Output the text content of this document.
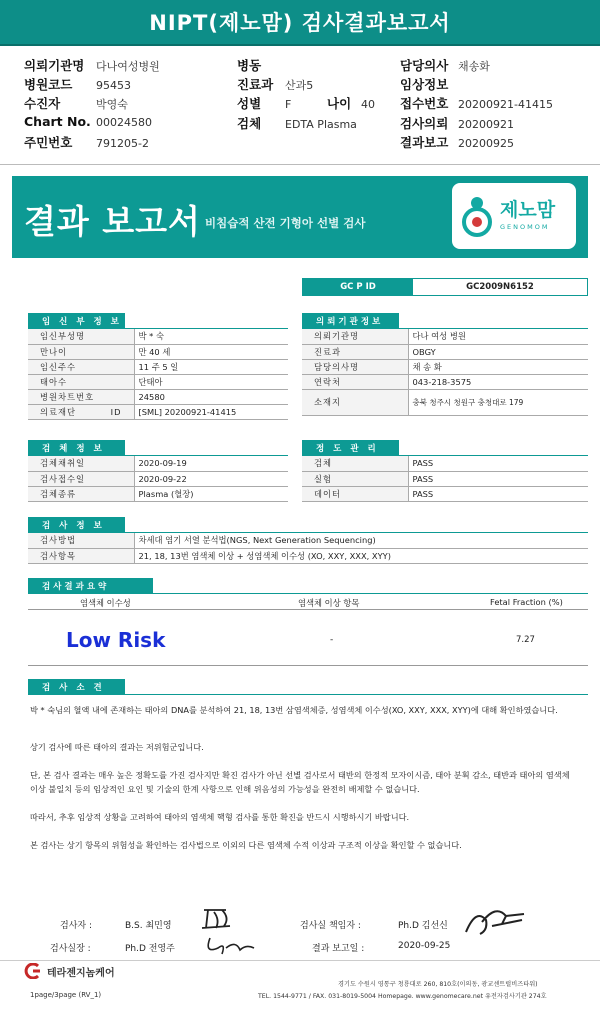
NIPT(제노맘) 검사결과보고서
의뢰기관명 다나여성병원
병원코드 95453
수진자	박영숙
Chart No. 00024580
주민번호 791205-2
병동
진료과 산과5
성별 F	나이 40
검체 EDTA Plasma
담당의사 채송화
임상정보
접수번호 20200921-41415
검사의뢰 20200921
결과보고 20200925
결과 보고서 비침습적 산전 기형아 선별 검사
제노맘
GENOMOM
GC P ID	GC2009N6152
임 신 부 정 보
임신부성명	박 * 숙
만나이	만 40 세
임신주수	11 주 5 일
태아수	단태아
병원차트번호	24580
의료재단 ID	[SML] 20200921-41415
의뢰기관정보
의뢰기관명	다나 여성 병원
진료과	OBGY
담당의사명	채 송 화
연락처	043-218-3575
소재지	충북 청주시 청원구 충청대로 179
검 체 정 보
검체채취일	2020-09-19
검사접수일	2020-09-22
검체종류	Plasma (혈장)
정 도 관 리
검체	PASS
실험	PASS
데이터	PASS
검 사 정 보
검사방법	차세대 염기 서열 분석법(NGS, Next Generation Sequencing)
검사항목	21, 18, 13번 염색체 이상 + 성염색체 이수성 (XO, XXY, XXX, XYY)
검사결과요약
염색체 이수성	염색체 이상 항목	Fetal Fraction (%)
Low Risk	-	7.27
검 사 소 견
박 * 숙님의 혈액 내에 존재하는 태아의 DNA를 분석하여 21, 18, 13번 삼염색체증, 성염색체 이수성(XO, XXY, XXX, XYY)에 대해 확인하였습니다.
상기 검사에 따른 태아의 결과는 저위험군입니다.
단, 본 검사 결과는 매우 높은 정확도를 가진 검사지만 확진 검사가 아닌 선별 검사로서 태반의 한정적 모자이시즘, 태아 분획 감소, 태반과 태아의 염색체 이상 불일치 등의 임상적인 요인 및 기술의 한계 사항으로 인해 위음성의 가능성을 완전히 배제할 수 없습니다.
따라서, 추후 임상적 상황을 고려하여 태아의 염색체 핵형 검사를 통한 확진을 반드시 시행하시기 바랍니다.
본 검사는 상기 항목의 위험성을 확인하는 검사법으로 이외의 다른 염색체 수적 이상과 구조적 이상을 확인할 수 없습니다.
검사자 :	B.S. 최민영
검사실장 :	Ph.D 전영주
검사실 책임자 :	Ph.D 김선신
결과 보고일 :	2020-09-25
테라젠지놈케어
경기도 수원시 영통구 청룡대로 260, 810호(이의동, 광교센트럴비즈타워)
TEL. 1544-9771 / FAX. 031-8019-5004 Homepage. www.genomecare.net 유전자검사기관 274호
1page/3page (RV_1)
